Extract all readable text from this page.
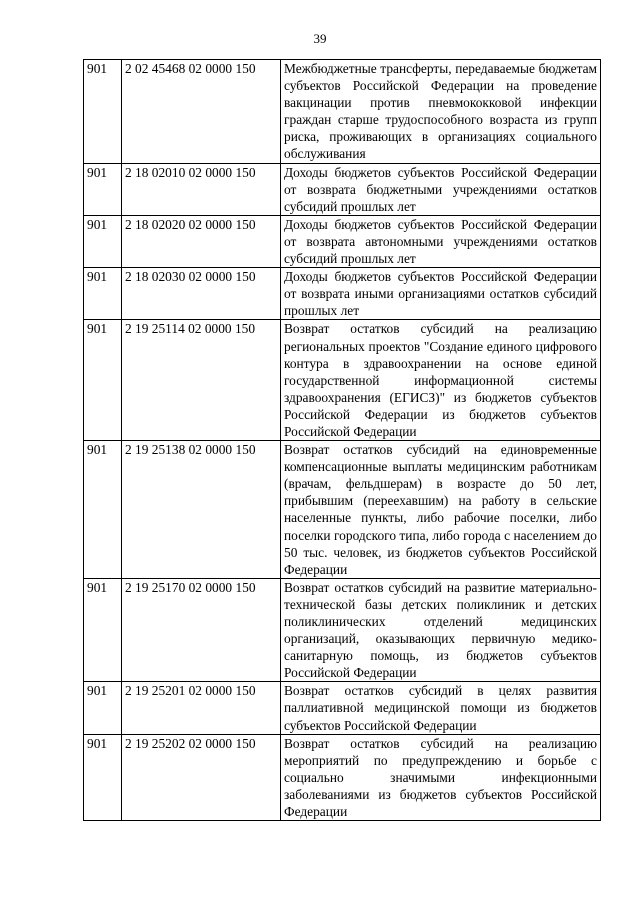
39
901	2 02 45468 02 0000 150	Межбюджетные трансферты, передаваемые бюджетам субъектов Российской Федерации на проведение вакцинации против пневмококковой инфекции граждан старше трудоспособного возраста из групп риска, проживающих в организациях социального обслуживания
901	2 18 02010 02 0000 150	Доходы бюджетов субъектов Российской Федерации от возврата бюджетными учреждениями остатков субсидий прошлых лет
901	2 18 02020 02 0000 150	Доходы бюджетов субъектов Российской Федерации от возврата автономными учреждениями остатков субсидий прошлых лет
901	2 18 02030 02 0000 150	Доходы бюджетов субъектов Российской Федерации от возврата иными организациями остатков субсидий прошлых лет
901	2 19 25114 02 0000 150	Возврат остатков субсидий на реализацию региональных проектов "Создание единого цифрового контура в здравоохранении на основе единой государственной информационной системы здравоохранения (ЕГИСЗ)" из бюджетов субъектов Российской Федерации из бюджетов субъектов Российской Федерации
901	2 19 25138 02 0000 150	Возврат остатков субсидий на единовременные компенсационные выплаты медицинским работникам (врачам, фельдшерам) в возрасте до 50 лет, прибывшим (переехавшим) на работу в сельские населенные пункты, либо рабочие поселки, либо поселки городского типа, либо города с населением до 50 тыс. человек, из бюджетов субъектов Российской Федерации
901	2 19 25170 02 0000 150	Возврат остатков субсидий на развитие материально-технической базы детских поликлиник и детских поликлинических отделений медицинских организаций, оказывающих первичную медико-санитарную помощь, из бюджетов субъектов Российской Федерации
901	2 19 25201 02 0000 150	Возврат остатков субсидий в целях развития паллиативной медицинской помощи из бюджетов субъектов Российской Федерации
901	2 19 25202 02 0000 150	Возврат остатков субсидий на реализацию мероприятий по предупреждению и борьбе с социально значимыми инфекционными заболеваниями из бюджетов субъектов Российской Федерации
